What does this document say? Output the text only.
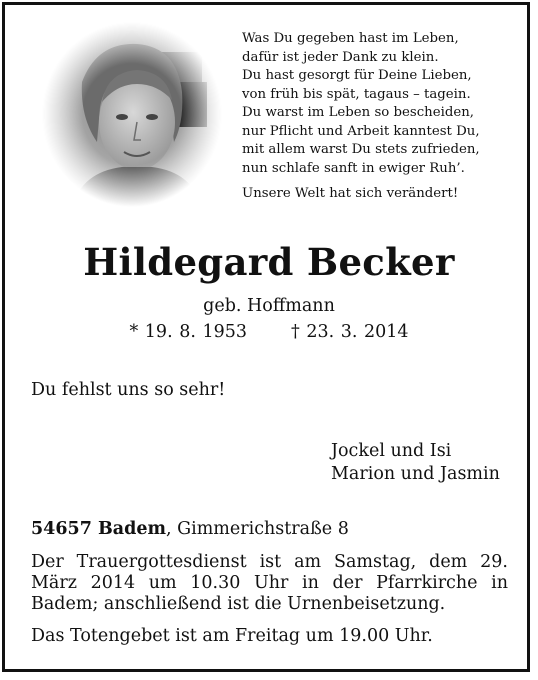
Was Du gegeben hast im Leben,
dafür ist jeder Dank zu klein.
Du hast gesorgt für Deine Lieben,
von früh bis spät, tagaus – tagein.
Du warst im Leben so bescheiden,
nur Pflicht und Arbeit kanntest Du,
mit allem warst Du stets zufrieden,
nun schlafe sanft in ewiger Ruh’.
Unsere Welt hat sich verändert!
Hildegard Becker
geb. Hoffmann
* 19. 8. 1953	† 23. 3. 2014
Du fehlst uns so sehr!
Jockel und Isi
Marion und Jasmin
54657 Badem, Gimmerichstraße 8
Der Trauergottesdienst ist am Samstag, dem 29. März 2014 um 10.30 Uhr in der Pfarrkirche in Badem; anschließend ist die Urnenbeisetzung.
Das Totengebet ist am Freitag um 19.00 Uhr.
